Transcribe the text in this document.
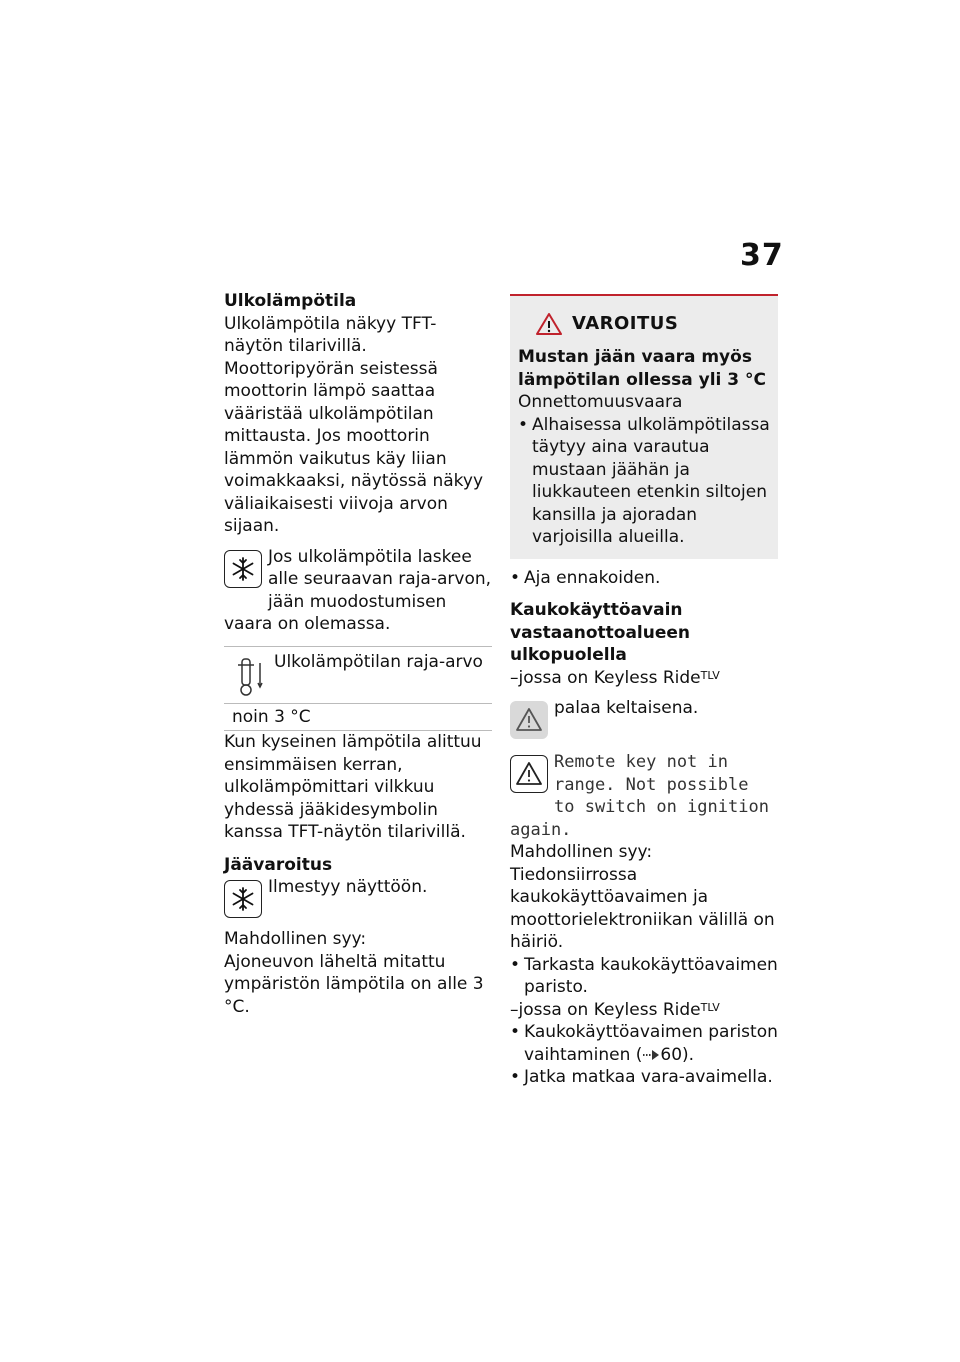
37

Ulkolämpötila

Ulkolämpötila näkyy TFT-näytön tilarivillä.

Moottoripyörän seistessä moottorin lämpö saattaa vääristää ulkolämpötilan mittausta. Jos moottorin lämmön vaikutus käy liian voimakkaaksi, näytössä näkyy väliaikaisesti viivoja arvon sijaan.

Jos ulkolämpötila laskee alle seuraavan raja-arvon, jään muodostumisen vaara on olemassa.
Ulkolämpötilan raja-arvo
noin 3 °C

Kun kyseinen lämpötila alittuu ensimmäisen kerran, ulkolämpömittari vilkkuu yhdessä jääkidesymbolin kanssa TFT-näytön tilarivillä.

Jäävaroitus

Ilmestyy näyttöön.

Mahdollinen syy:

Ajoneuvon läheltä mitattu ympäristön lämpötila on alle 3 °C.

VAROITUS

Mustan jään vaara myös lämpötilan ollessa yli 3 °C

Onnettomuusvaara

• Alhaisessa ulkolämpötilassa täytyy aina varautua mustaan jäähän ja liukkauteen etenkin siltojen kansilla ja ajoradan varjoisilla alueilla.

• Aja ennakoiden.

Kaukokäyttöavain vastaanottoalueen ulkopuolella

–jossa on Keyless Ride$^{TLV}$

palaa keltaisena.
Remote key not in range. Not possible to switch on ignition again.

Mahdollinen syy:

Tiedonsiirrossa kaukokäyttöavaimen ja moottorielektroniikan välillä on häiriö.

• Tarkasta kaukokäyttöavaimen paristo.

–jossa on Keyless Ride$^{TLV}$

• Kaukokäyttöavaimen pariston vaihtaminen ( 60).

• Jatka matkaa vara-avaimella.
